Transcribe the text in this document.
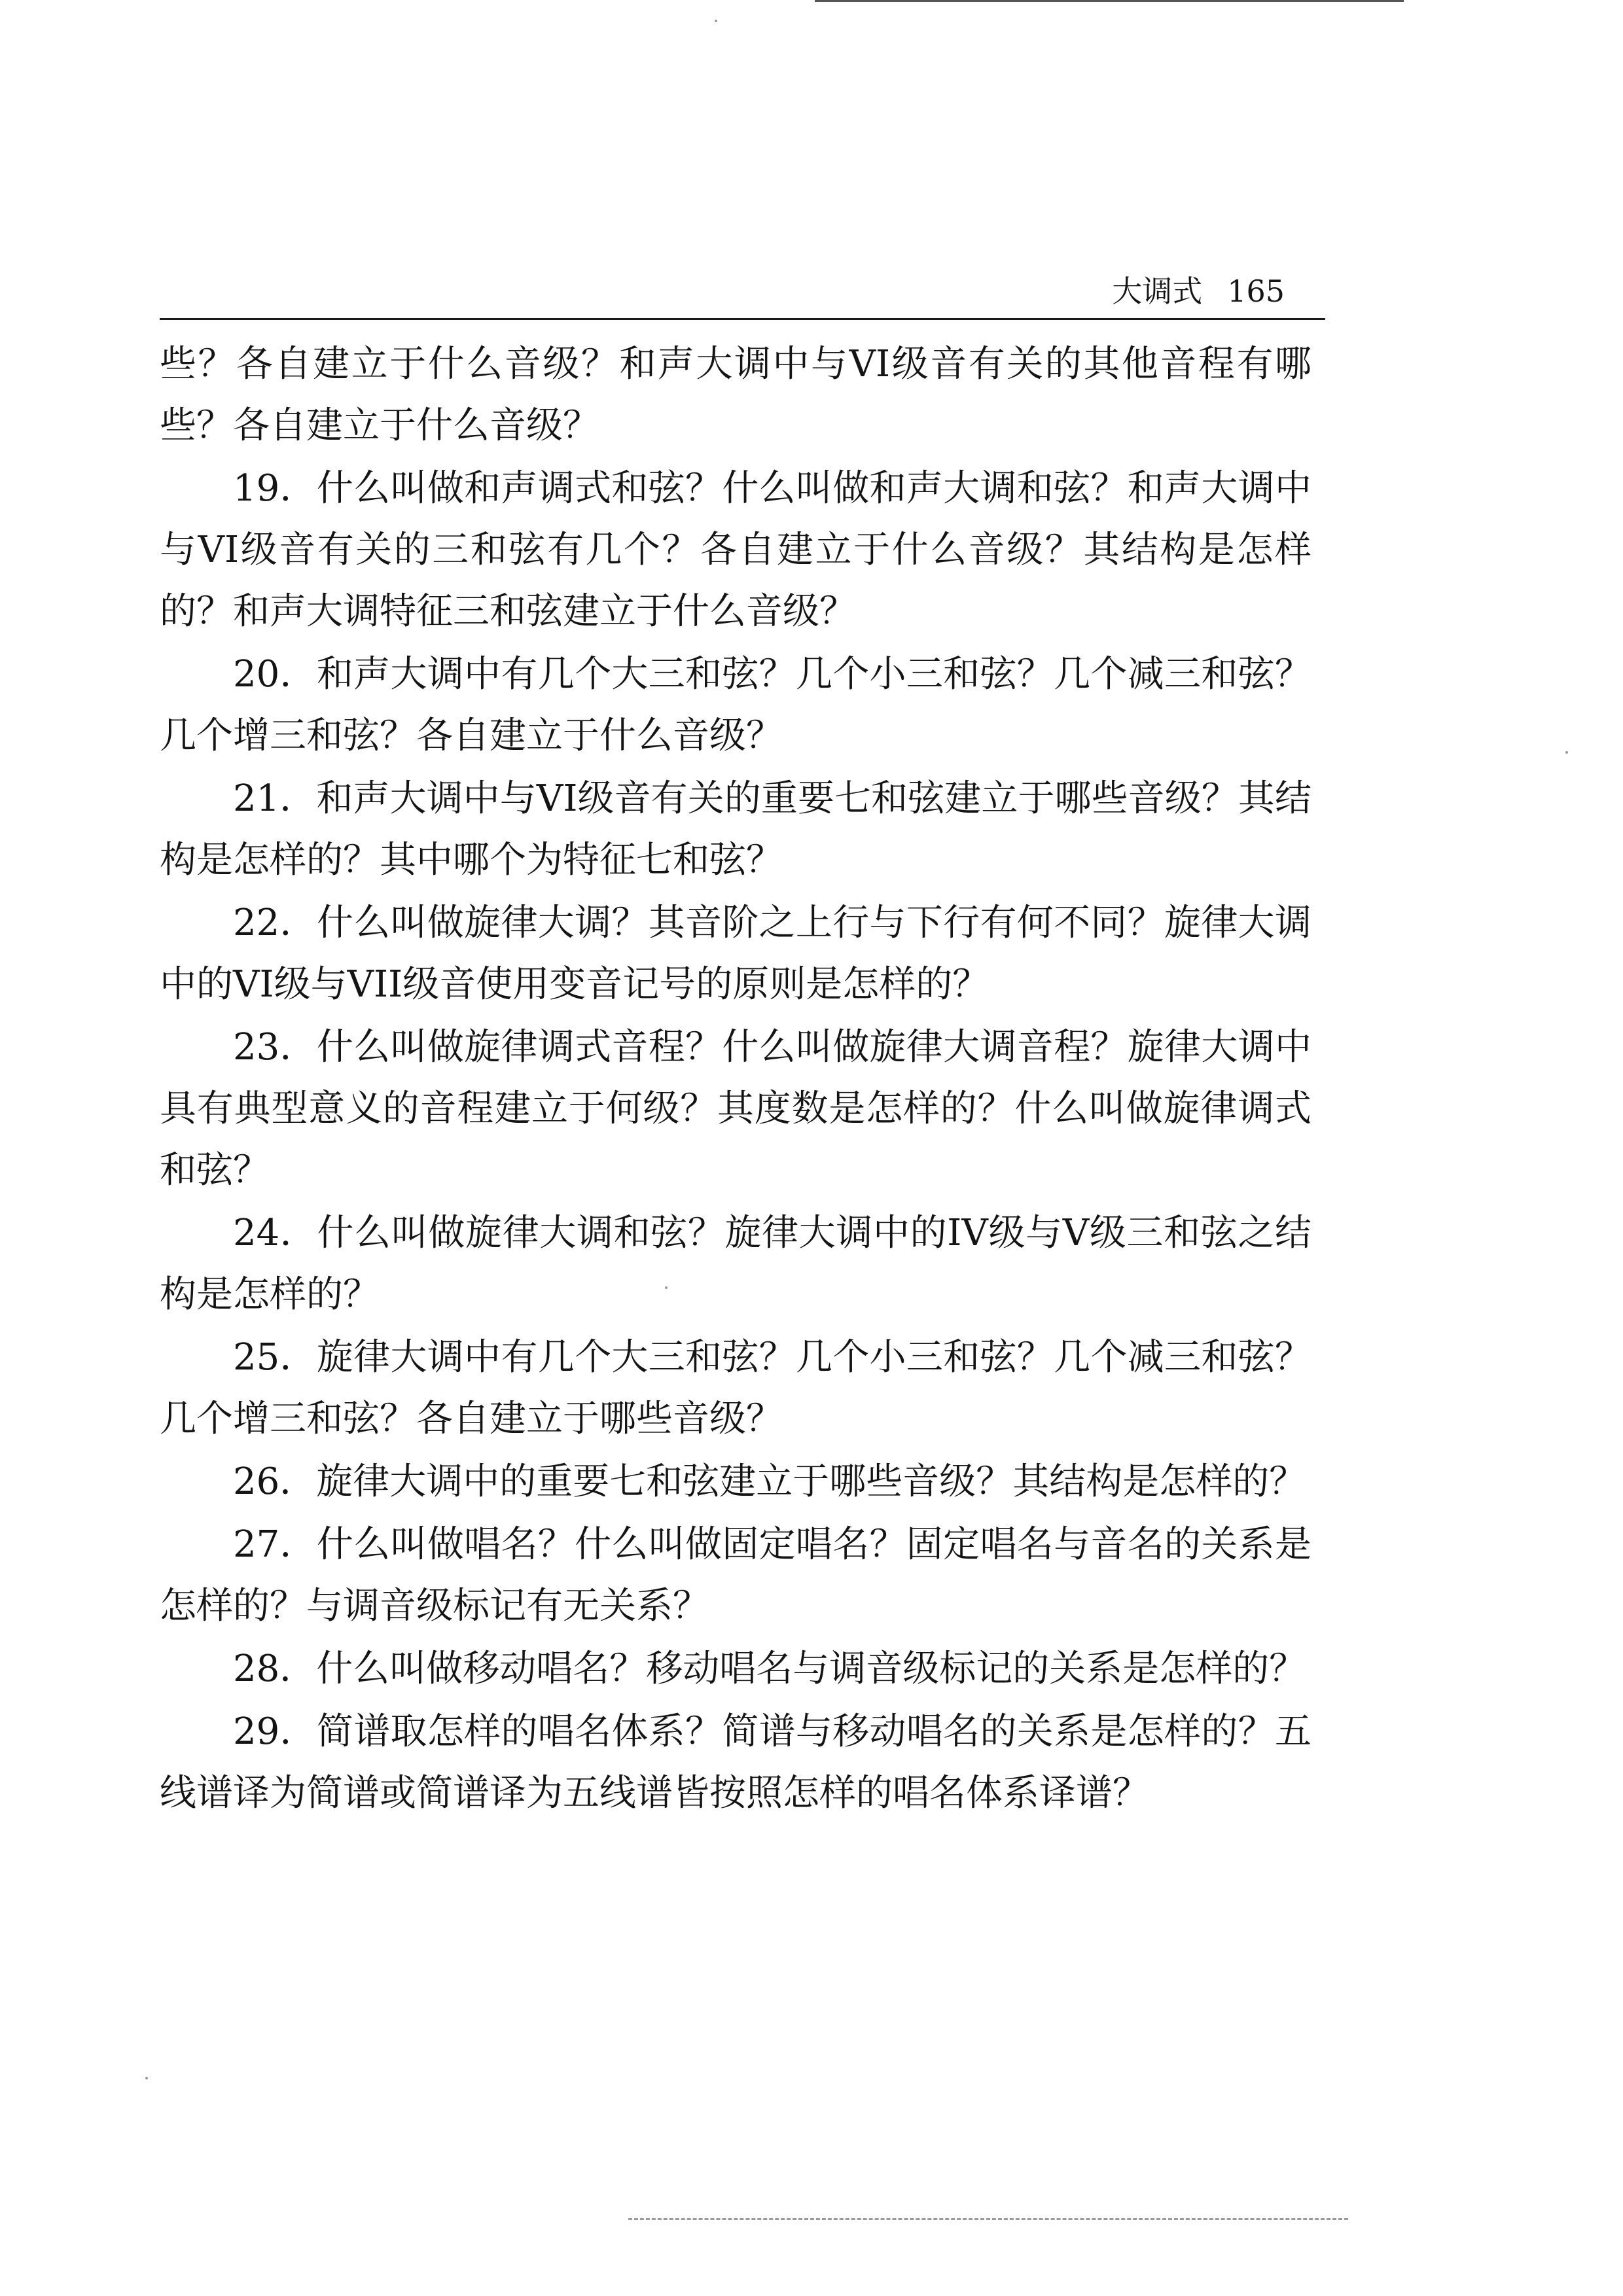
大调式 165

些？各自建立于什么音级？和声大调中与VI级音有关的其他音程有哪些？各自建立于什么音级？

19．什么叫做和声调式和弦？什么叫做和声大调和弦？和声大调中与VI级音有关的三和弦有几个？各自建立于什么音级？其结构是怎样的？和声大调特征三和弦建立于什么音级？

20．和声大调中有几个大三和弦？几个小三和弦？几个减三和弦？几个增三和弦？各自建立于什么音级？

21．和声大调中与VI级音有关的重要七和弦建立于哪些音级？其结构是怎样的？其中哪个为特征七和弦？

22．什么叫做旋律大调？其音阶之上行与下行有何不同？旋律大调中的VI级与VII级音使用变音记号的原则是怎样的？

23．什么叫做旋律调式音程？什么叫做旋律大调音程？旋律大调中具有典型意义的音程建立于何级？其度数是怎样的？什么叫做旋律调式和弦？

24．什么叫做旋律大调和弦？旋律大调中的IV级与V级三和弦之结构是怎样的？

25．旋律大调中有几个大三和弦？几个小三和弦？几个减三和弦？几个增三和弦？各自建立于哪些音级？

26．旋律大调中的重要七和弦建立于哪些音级？其结构是怎样的？

27．什么叫做唱名？什么叫做固定唱名？固定唱名与音名的关系是怎样的？与调音级标记有无关系？

28．什么叫做移动唱名？移动唱名与调音级标记的关系是怎样的？

29．简谱取怎样的唱名体系？简谱与移动唱名的关系是怎样的？五线谱译为简谱或简谱译为五线谱皆按照怎样的唱名体系译谱？
